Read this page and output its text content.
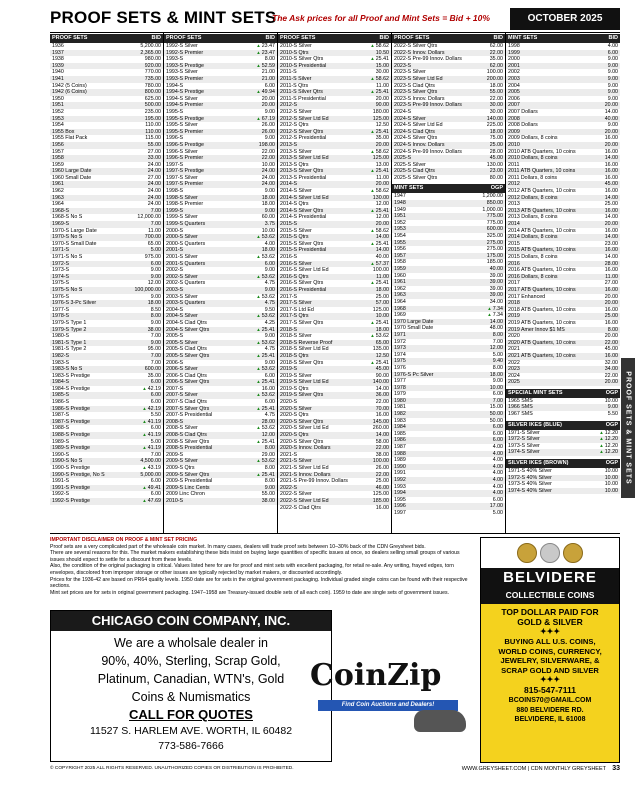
PROOF SETS & MINT SETS
The Ask prices for all Proof and Mint Sets = Bid + 10%	OCTOBER 2025
PROOF SETS	BID
1936	5,200.00
1937	2,365.00
1938	980.00
1939	920.00
1940	770.00
1941	735.00
1942 (5 Coins)	780.00
1942 (6 Coins)	800.00
1950	625.00
1951	500.00
1952	235.00
1953	195.00
1954	110.00
1955 Box	110.00
1955 Flat Pack	115.00
1956	55.00
1957	27.00
1958	33.00
1959	24.00
1960 Large Date	24.00
1960 Small Date	27.00
1961	24.00
1962	24.00
1963	24.00
1964	24.00
1968-S	7.00
1968-S No S	12,000.00
1969-S	7.00
1970-S Large Date	11.00
1970-S No S	700.00
1970-S Small Date	65.00
1971-S	5.00
1971-S No S	975.00
1972-S	6.00
1973-S	9.00
1974-S	9.00
1975-S	12.00
1975-S No S	100,000.00
1976-S	9.00
1976-S 3-Pc Silver	18.00
1977-S	8.50
1978-S	8.00
1979-S Type 1	9.00
1979-S Type 2	38.00
1980-S	7.00
1981-S Type 1	9.00
1981-S Type 2	95.00
1982-S	7.00
1983-S	7.00
1983-S No S	600.00
1983-S Prestige	35.00
1984-S	6.00
1984-S Prestige	▲ 42.19
1985-S	6.00
1986-S	6.00
1986-S Prestige	▲ 42.19
1987-S	5.50
1987-S Prestige	▲ 41.19
1988-S	6.00
1988-S Prestige	▲ 41.19
1989-S	5.00
1989-S Prestige	▲ 41.19
1990-S	7.00
1990-S No S	4,500.00
1990-S Prestige	▲ 43.19
1990-S Prestige, No S	5,000.00
1991-S	6.00
1991-S Prestige	▲ 49.41
1992-S	6.00
1992-S Prestige	▲ 47.69
PROOF SETS	BID
1992-S Silver	▲ 23.47
1992-S Premier	▲ 23.47
1993-S	8.00
1993-S Prestige	▲ 52.59
1993-S Silver	21.00
1993-S Premier	21.00
1994-S	6.00
1994-S Prestige	▲ 49.94
1994-S Silver	20.00
1994-S Premier	20.00
1995-S	9.00
1995-S Prestige	▲ 67.19
1995-S Silver	26.00
1995-S Premier	26.00
1996-S	9.00
1996-S Prestige	198.00
1996-S Silver	22.00
1996-S Premier	22.00
1997-S	10.00
1997-S Prestige	24.00
1997-S Silver	24.00
1997-S Premier	24.00
1998-S	9.00
1998-S Silver	18.00
1998-S Premier	18.00
1999-S	9.00
1999-S Silver	60.00
1999-S Quarters	3.75
2000-S	10.00
2000-S Silver	▲ 53.62
2000-S Quarters	4.00
2001-S	18.00
2001-S Silver	▲ 53.62
2001-S Quarters	6.00
2002-S	9.00
2002-S Silver	▲ 53.62
2002-S Quarters	4.75
2003-S	9.00
2003-S Silver	▲ 53.62
2003-S Quarters	4.75
2004-S	9.50
2004-S Silver	▲ 53.62
2004-S Clad Qtrs	4.25
2004-S Silver Qtrs	▲ 25.41
2005-S	9.00
2005-S Silver	▲ 53.62
2005-S Clad Qtrs	4.75
2005-S Silver Qtrs	▲ 25.41
2006-S	9.00
2006-S Silver	▲ 53.62
2006-S Clad Qtrs	6.00
2006-S Silver Qtrs	▲ 25.41
2007-S	16.00
2007-S Silver	▲ 53.62
2007-S Clad Qtrs	6.00
2007-S Silver Qtrs	▲ 25.41
2007-S Presidential	4.75
2008-S	28.00
2008-S Silver	▲ 53.62
2008-S Clad Qtrs	12.00
2008-S Silver Qtrs	▲ 25.41
2008-S Presidential	8.00
2009-S	29.00
2009-S Silver	▲ 53.62
2009-S Qtrs	8.00
2009-S Silver Qtrs	▲ 25.41
2009-S Presidential	8.00
2009-S Linc Cents	9.00
2009 Linc Chron	55.00
2010-S	38.00
PROOF SETS	BID
2010-S Silver	▲ 58.62
2010-S Qtrs	10.50
2010-S Silver Qtrs	▲ 25.41
2010-S Presidential	15.00
2011-S	30.00
2011-S Silver	▲ 58.62
2011-S Qtrs	11.00
2011-S Silver Qtrs	▲ 25.41
2011-S Presidential	20.00
2012-S	90.00
2012-S Silver	180.00
2012-S Silver Ltd Ed	125.00
2012-S Qtrs	12.50
2012-S Silver Qtrs	▲ 25.41
2012-S Presidential	35.00
2013-S	20.00
2013-S Silver	▲ 58.62
2013-S Silver Ltd Ed	125.00
2013-S Qtrs	13.00
2013-S Silver Qtrs	▲ 25.41
2013-S Presidential	11.00
2014-S	20.00
2014-S Silver	▲ 58.62
2014-S Silver Ltd Ed	130.00
2014-S Qtrs	12.00
2014-S Silver Qtrs	▲ 25.41
2014-S Presidential	12.00
2015-S	20.00
2015-S Silver	▲ 58.62
2015-S Qtrs	14.00
2015-S Silver Qtrs	▲ 25.41
2015-S Presidential	14.00
2016-S	40.00
2016-S Silver	▲ 57.37
2016-S Silver Ltd Ed	100.00
2016-S Qtrs	11.00
2016-S Silver Qtrs	▲ 25.41
2016-S Presidential	18.00
2017-S	25.00
2017-S Silver	57.00
2017-S Ltd Ed	125.00
2017-S Qtrs	10.00
2017-S Silver Qtrs	▲ 25.41
2018-S	18.00
2018-S Silver	▲ 53.62
2018-S Reverse Proof	65.00
2018-S Silver Ltd Ed	135.00
2018-S Qtrs	12.50
2018-S Silver Qtrs	▲ 25.41
2019-S	45.00
2019-S Silver	90.00
2019-S Silver Ltd Ed	140.00
2019-S Qtrs	14.00
2019-S Silver Qtrs	36.00
2020-S	22.00
2020-S Silver	70.00
2020-S Qtrs	16.00
2020-S Silver Qtrs	145.00
2020-S Silver Ltd Ed	260.00
2020-S Qtrs	14.00
2020-S Silver Qtrs	58.00
2020-S Innov. Dollars	22.00
2021-S	38.00
2021-S Silver	100.00
2021-S Silver Ltd Ed	26.00
2021-S Innov. Dollars	22.00
2021-S Pre-99 Innov. Dollars	25.00
2022-S	46.00
2022-S Silver	125.00
2022-S Silver Ltd Ed	185.00
2022-S Clad Qtrs	16.00
PROOF SETS	BID
2022-S Silver Qtrs	62.00
2022-S Innov. Dollars	22.00
2022-S Pre-99 Innov. Dollars	35.00
2023-S	62.00
2023-S Silver	100.00
2023-S Silver Ltd Ed	200.00
2023-S Clad Qtrs	18.00
2023-S Silver Qtrs	55.00
2023-S Innov. Dollars	22.00
2023-S Pre-99 Innov. Dollars	30.00
2024-S	30.00
2024-S Silver	140.00
2024-S Silver Ltd Ed	225.00
2024-S Clad Qtrs	18.00
2024-S Silver Qtrs	75.00
2024-S Innov. Dollars	25.00
2024-S Pre-99 Innov. Dollars	28.00
2025-S	45.00
2025-S Silver	130.00
2025-S Clad Qtrs	23.00
2025-S Silver Qtrs	80.00
MINT SETS	OGP
1947	1,200.00
1948	850.00
1949	1,000.00
1951	775.00
1952	775.00
1953	600.00
1954	325.00
1955	275.00
1956	275.00
1957	175.00
1958	185.00
1959	40.00
1960	39.00
1961	39.00
1962	39.00
1963	39.00
1964	34.00
1968	▲ 7.34
1969	▲ 7.34
1970 Large Date	14.00
1970 Small Date	48.00
1971	8.00
1972	7.00
1973	12.00
1974	5.00
1975	9.40
1976	8.00
1976-S Pc Silver	18.00
1977	9.00
1978	10.00
1979	6.00
1980	7.00
1981	15.00
1982	50.00
1983	50.00
1984	6.00
1985	6.00
1986	6.00
1987	4.00
1988	4.00
1989	4.00
1990	4.00
1991	4.00
1992	4.00
1993	4.00
1994	4.00
1995	6.00
1996	17.00
1997	5.00
MINT SETS	BID
1998	4.00
1999	6.00
2000	9.00
2001	9.00
2002	9.00
2003	9.00
2004	9.00
2005	9.00
2006	9.00
2007	20.00
2007 Dollars	14.00
2008	40.00
2008 Dollars	9.00
2009	20.00
2009 Dollars, 8 coins	16.00
2010	20.00
2010 ATB Quarters, 10 coins	16.00
2010 Dollars, 8 coins	14.00
2011	16.00
2011 ATB Quarters, 10 coins	16.00
2011 Dollars, 8 coins	16.00
2012	45.00
2012 ATB Quarters, 10 coins	16.00
2012 Dollars, 8 coins	14.00
2013	25.00
2013 ATB Quarters, 10 coins	16.00
2013 Dollars, 8 coins	14.00
2014	20.00
2014 ATB Quarters, 10 coins	16.00
2014 Dollars, 8 coins	14.00
2015	23.00
2015 ATB Quarters, 10 coins	16.00
2015 Dollars, 8 coins	14.00
2016	28.00
2016 ATB Quarters, 10 coins	16.00
2016 Dollars, 8 coins	11.00
2017	27.00
2017 ATB Quarters, 10 coins	16.00
2017 Enhanced	20.00
2018	20.00
2018 ATB Quarters, 10 coins	16.00
2019	25.00
2019 ATB Quarters, 10 coins	16.00
2019 Amer Innov $1 MS	8.00
2020	20.00
2020 ATB Quarters, 10 coins	22.00
2021	45.00
2021 ATB Quarters, 10 coins	16.00
2022	32.00
2023	34.00
2024	22.00
2025	20.00
SPECIAL MINT SETS	OGP
1965 SMS	10.00
1966 SMS	9.00
1967 SMS	5.50
SILVER IKES (BLUE)	OGP
1971-S Silver	▲ 12.20
1972-S Silver	▲ 12.20
1973-S Silver	▲ 12.20
1974-S Silver	▲ 12.20
SILVER IKES (BROWN)	OGP
1971-S 40% Silver	10.00
1972-S 40% Silver	10.00
1973-S 40% Silver	10.00
1974-S 40% Silver	10.00
PROOF SETS & MINT SETS
IMPORTANT DISCLAIMER ON PROOF & MINT SET PRICING
Proof sets are a very complicated part of the wholesale coin market. In many cases, dealers will trade proof sets between 10–30% back of the CDN Greysheet bids.
There are several reasons for this. The market makers establishing these bids insist on buying large quantities of specific issues at once, so dealers selling small groups of various issues should expect to settle for a discount from these levels.
Also, the condition of the original packaging is critical. Values listed here for are for proof and mint sets with excellent packaging, for retail re-sale. Any writing, frayed edges, torn envelopes, discolored from improper storage or other issues are typically rejected by market makers, or discounted accordingly.
Prices for the 1936-42 are based on PR64 quality levels. 1950 date are for sets in the original government packaging. Individual graded single coins can be found with their respective sections.
Mint set prices are for sets in original government packaging. 1947–1958 are Treasury-issued double sets of all each coin). 1959 to date are single sets of government issues.
CHICAGO COIN COMPANY, INC.
We are a wholsale dealer in
90%, 40%, Sterling, Scrap Gold,
Platinum, Canadian, WTN's, Gold
Coins & Numismatics
CALL FOR QUOTES
11527 S. HARLEM AVE. WORTH, IL 60482
773-586-7666
CoinZip
Find Coin Auctions and Dealers!
BELVIDERE
COLLECTIBLE COINS
TOP DOLLAR PAID FOR
GOLD & SILVER
✦✦✦
BUYING ALL U.S. COINS,
WORLD COINS, CURRENCY,
JEWELRY, SILVERWARE, &
SCRAP GOLD AND SILVER
✦✦✦
815-547-7111
BCOINS70@GMAIL.COM
880 BELVIDERE RD.
BELVIDERE, IL 61008
© COPYRIGHT 2025 ALL RIGHTS RESERVED. UNAUTHORIZED COPIES OR DISTRIBUTION IS PROHIBITED.	WWW.GREYSHEET.COM | CDN MONTHLY GREYSHEET 33
